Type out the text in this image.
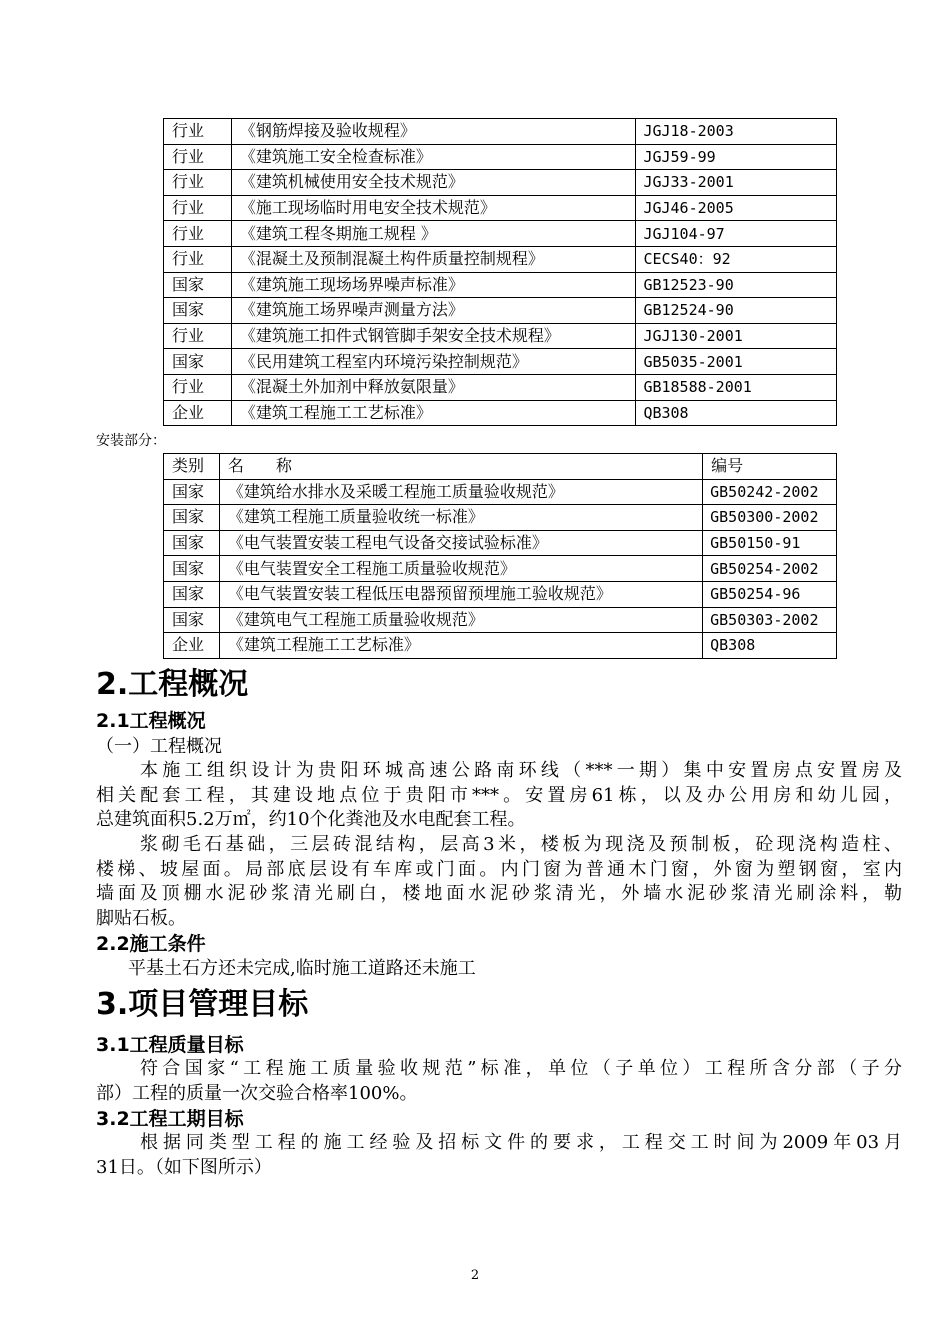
行业	《钢筋焊接及验收规程》	JGJ18-2003
行业	《建筑施工安全检查标准》	JGJ59-99
行业	《建筑机械使用安全技术规范》	JGJ33-2001
行业	《施工现场临时用电安全技术规范》	JGJ46-2005
行业	《建筑工程冬期施工规程 》	JGJ104-97
行业	《混凝土及预制混凝土构件质量控制规程》	CECS40：92
国家	《建筑施工现场场界噪声标准》	GB12523-90
国家	《建筑施工场界噪声测量方法》	GB12524-90
行业	《建筑施工扣件式钢管脚手架安全技术规程》	JGJ130-2001
国家	《民用建筑工程室内环境污染控制规范》	GB5035-2001
行业	《混凝土外加剂中释放氨限量》	GB18588-2001
企业	《建筑工程施工工艺标准》	QB308
安装部分：
类别	名　　称	编号
国家	《建筑给水排水及采暖工程施工质量验收规范》	GB50242-2002
国家	《建筑工程施工质量验收统一标准》	GB50300-2002
国家	《电气装置安装工程电气设备交接试验标准》	GB50150-91
国家	《电气装置安全工程施工质量验收规范》	GB50254-2002
国家	《电气装置安装工程低压电器预留预埋施工验收规范》	GB50254-96
国家	《建筑电气工程施工质量验收规范》	GB50303-2002
企业	《建筑工程施工工艺标准》	QB308
2.工程概况
2.1工程概况
（一）工程概况
本施工组织设计为贵阳环城高速公路南环线（***一期）集中安置房点安置房及
相关配套工程，其建设地点位于贵阳市***。安置房61栋，以及办公用房和幼儿园，
总建筑面积5.2万㎡，约10个化粪池及水电配套工程。
浆砌毛石基础，三层砖混结构，层高3米，楼板为现浇及预制板，砼现浇构造柱、
楼梯、坡屋面。局部底层设有车库或门面。内门窗为普通木门窗，外窗为塑钢窗，室内
墙面及顶棚水泥砂浆清光刷白，楼地面水泥砂浆清光，外墙水泥砂浆清光刷涂料，勒
脚贴石板。
2.2施工条件
平基土石方还未完成,临时施工道路还未施工
3.项目管理目标
3.1工程质量目标
符合国家“工程施工质量验收规范”标准，单位（子单位）工程所含分部（子分
部）工程的质量一次交验合格率100%。
3.2工程工期目标
根据同类型工程的施工经验及招标文件的要求，工程交工时间为2009年03月
31日。（如下图所示）
2
